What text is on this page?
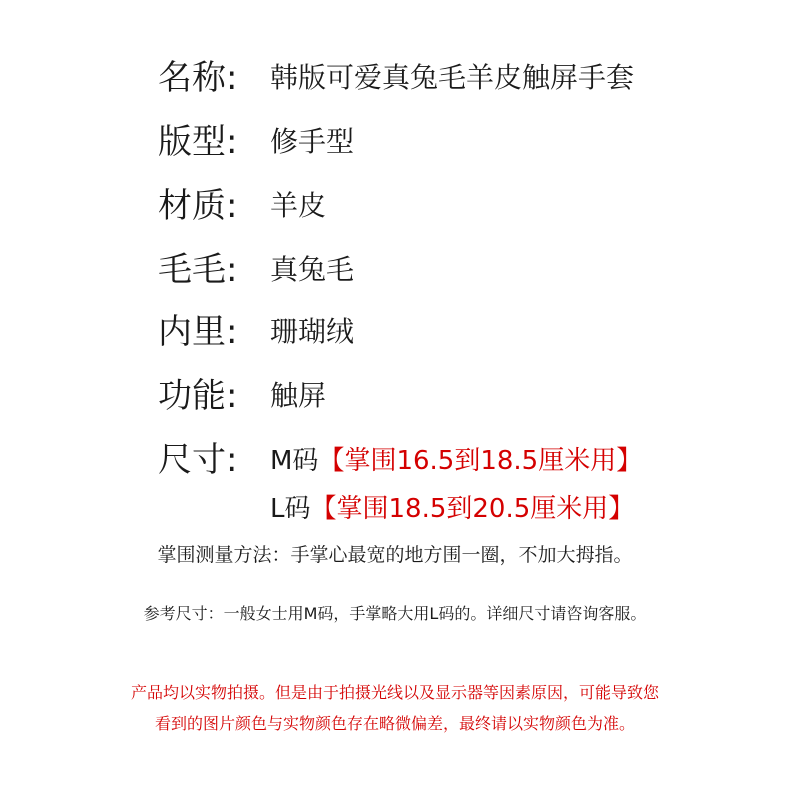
名称: 韩版可爱真兔毛羊皮触屏手套
版型: 修手型
材质: 羊皮
毛毛: 真兔毛
内里: 珊瑚绒
功能: 触屏
尺寸: M码【掌围16.5到18.5厘米用】
L码【掌围18.5到20.5厘米用】
掌围测量方法：手掌心最宽的地方围一圈，不加大拇指。
参考尺寸：一般女士用M码，手掌略大用L码的。详细尺寸请咨询客服。
产品均以实物拍摄。但是由于拍摄光线以及显示器等因素原因，可能导致您
看到的图片颜色与实物颜色存在略微偏差，最终请以实物颜色为准。
